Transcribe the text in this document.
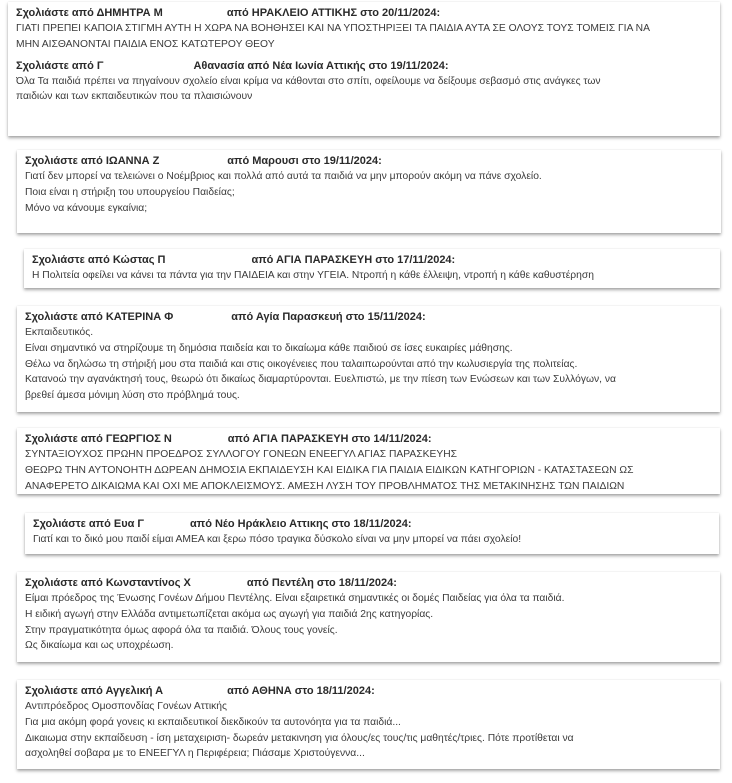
Σχολιάστε από ΔΗΜΗΤΡΑ Μ	από ΗΡΑΚΛΕΙΟ ΑΤΤΙΚΗΣ στο 20/11/2024:
ΓΙΑΤΙ ΠΡΕΠΕΙ ΚΑΠΟΙΑ ΣΤΙΓΜΗ ΑΥΤΗ Η ΧΩΡΑ ΝΑ ΒΟΗΘΗΣΕΙ ΚΑΙ ΝΑ ΥΠΟΣΤΗΡΙΞΕΙ ΤΑ ΠΑΙΔΙΑ ΑΥΤΑ ΣΕ ΟΛΟΥΣ ΤΟΥΣ ΤΟΜΕΙΣ ΓΙΑ ΝΑ
ΜΗΝ ΑΙΣΘΑΝΟΝΤΑΙ ΠΑΙΔΙΑ ΕΝΟΣ ΚΑΤΩΤΕΡΟΥ ΘΕΟΥ
Σχολιάστε από Γ	Αθανασία από Νέα Ιωνία Αττικής στο 19/11/2024:
Όλα Τα παιδιά πρέπει να πηγαίνουν σχολείο είναι κρίμα να κάθονται στο σπίτι, οφείλουμε να δείξουμε σεβασμό στις ανάγκες των
παιδιών και των εκπαιδευτικών που τα πλαισιώνουν
Σχολιάστε από ΙΩΑΝΝΑ Ζ	από Μαρουσι στο 19/11/2024:
Γιατί δεν μπορεί να τελειώνει ο Νοέμβριος και πολλά από αυτά τα παιδιά να μην μπορούν ακόμη να πάνε σχολείο.
Ποια είναι η στήριξη του υπουργείου Παιδείας;
Μόνο να κάνουμε εγκαίνια;
Σχολιάστε από Κώστας Π	από ΑΓΙΑ ΠΑΡΑΣΚΕΥΗ στο 17/11/2024:
Η Πολιτεία οφείλει να κάνει τα πάντα για την ΠΑΙΔΕΙΑ και στην ΥΓΕΙΑ. Ντροπή η κάθε έλλειψη, ντροπή η κάθε καθυστέρηση
Σχολιάστε από ΚΑΤΕΡΙΝΑ Φ	από Αγία Παρασκευή στο 15/11/2024:
Εκπαιδευτικός.
Είναι σημαντικό να στηρίζουμε τη δημόσια παιδεία και το δικαίωμα κάθε παιδιού σε ίσες ευκαιρίες μάθησης.
Θέλω να δηλώσω τη στήριξή μου στα παιδιά και στις οικογένειες που ταλαιπωρούνται από την κωλυσιεργία της πολιτείας.
Κατανοώ την αγανάκτησή τους, θεωρώ ότι δικαίως διαμαρτύρονται. Ευελπιστώ, με την πίεση των Ενώσεων και των Συλλόγων, να
βρεθεί άμεσα μόνιμη λύση στο πρόβλημά τους.
Σχολιάστε από ΓΕΩΡΓΙΟΣ Ν	από ΑΓΙΑ ΠΑΡΑΣΚΕΥΗ στο 14/11/2024:
ΣΥΝΤΑΞΙΟΥΧΟΣ ΠΡΩΗΝ ΠΡΟΕΔΡΟΣ ΣΥΛΛΟΓΟΥ ΓΟΝΕΩΝ ΕΝΕΕΓΥΛ ΑΓΙΑΣ ΠΑΡΑΣΚΕΥΗΣ
ΘΕΩΡΩ ΤΗΝ ΑΥΤΟΝΟΗΤΗ ΔΩΡΕΑΝ ΔΗΜΟΣΙΑ ΕΚΠΑΙΔΕΥΣΗ ΚΑΙ ΕΙΔΙΚΑ ΓΙΑ ΠΑΙΔΙΑ ΕΙΔΙΚΩΝ ΚΑΤΗΓΟΡΙΩΝ - ΚΑΤΑΣΤΑΣΕΩΝ ΩΣ
ΑΝΑΦΕΡΕΤΟ ΔΙΚΑΙΩΜΑ ΚΑΙ ΟΧΙ ΜΕ ΑΠΟΚΛΕΙΣΜΟΥΣ. ΑΜΕΣΗ ΛΥΣΗ ΤΟΥ ΠΡΟΒΛΗΜΑΤΟΣ ΤΗΣ ΜΕΤΑΚΙΝΗΣΗΣ ΤΩΝ ΠΑΙΔΙΩΝ
Σχολιάστε από Ευα Γ	από Νέο Ηράκλειο Αττικης στο 18/11/2024:
Γιατί και το δικό μου παιδί είμαι ΑΜΕΑ και ξερω πόσο τραγικα δύσκολο είναι να μην μπορεί να πάει σχολείο!
Σχολιάστε από Κωνσταντίνος Χ	από Πεντέλη στο 18/11/2024:
Είμαι πρόεδρος της Ένωσης Γονέων Δήμου Πεντέλης. Είναι εξαιρετικά σημαντικές οι δομές Παιδείας για όλα τα παιδιά.
Η ειδική αγωγή στην Ελλάδα αντιμετωπίζεται ακόμα ως αγωγή για παιδιά 2ης κατηγορίας.
Στην πραγματικότητα όμως αφορά όλα τα παιδιά. Όλους τους γονείς.
Ως δικαίωμα και ως υποχρέωση.
Σχολιάστε από Αγγελική Α	από ΑΘΗΝΑ στο 18/11/2024:
Αντιπρόεδρος Ομοσπονδίας Γονέων Αττικής
Για μια ακόμη φορά γονεις κι εκπαιδευτικοί διεκδικούν τα αυτονόητα για τα παιδιά...
Δικαιωμα στην εκπαίδευση - ίση μεταχειριση- δωρεάν μετακινηση για όλους/ες τους/τις μαθητές/τριες. Πότε προτίθεται να
ασχοληθεί σοβαρα με το ΕΝΕΕΓΥΛ η Περιφέρεια; Πιάσαμε Χριστούγεννα...
